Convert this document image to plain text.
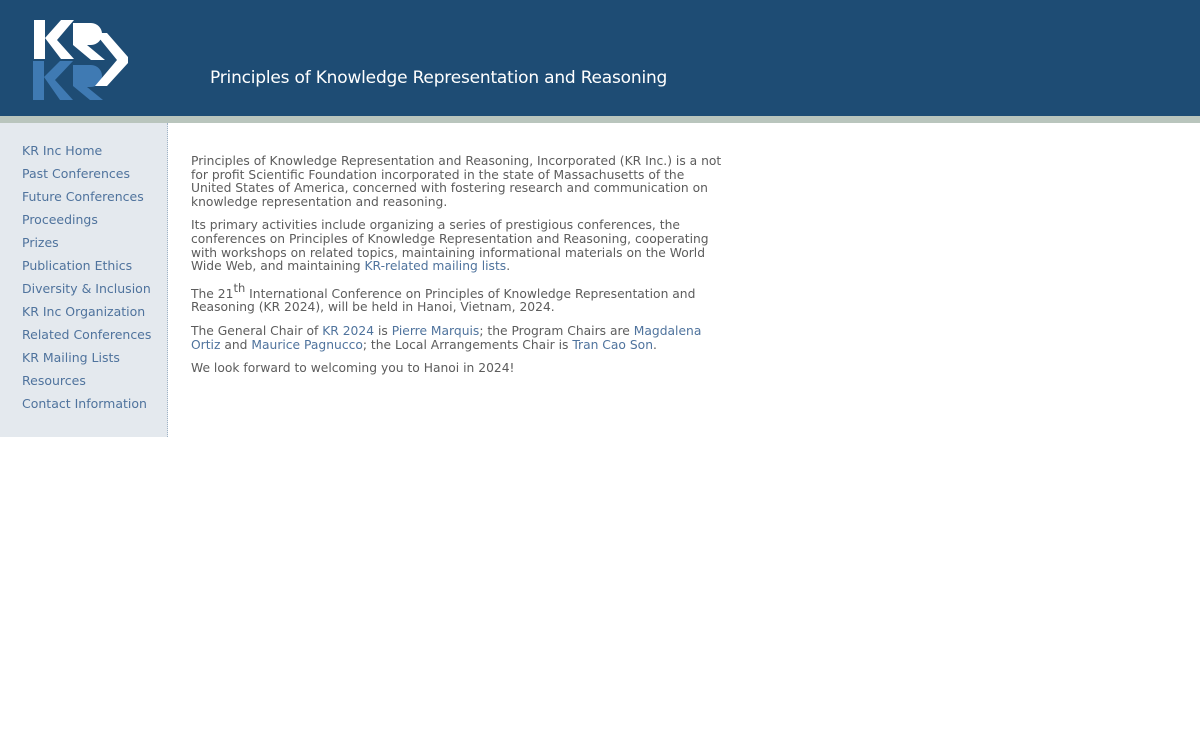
Principles of Knowledge Representation and Reasoning
KR Inc Home
Past Conferences
Future Conferences
Proceedings
Prizes
Publication Ethics
Diversity & Inclusion
KR Inc Organization
Related Conferences
KR Mailing Lists
Resources
Contact Information

Principles of Knowledge Representation and Reasoning, Incorporated (KR Inc.) is a not for profit Scientific Foundation incorporated in the state of Massachusetts of the United States of America, concerned with fostering research and communication on knowledge representation and reasoning.

Its primary activities include organizing a series of prestigious conferences, the conferences on Principles of Knowledge Representation and Reasoning, cooperating with workshops on related topics, maintaining informational materials on the World Wide Web, and maintaining KR-related mailing lists.

The 21th International Conference on Principles of Knowledge Representation and Reasoning (KR 2024), will be held in Hanoi, Vietnam, 2024.

The General Chair of KR 2024 is Pierre Marquis; the Program Chairs are Magdalena Ortiz and Maurice Pagnucco; the Local Arrangements Chair is Tran Cao Son.

We look forward to welcoming you to Hanoi in 2024!
